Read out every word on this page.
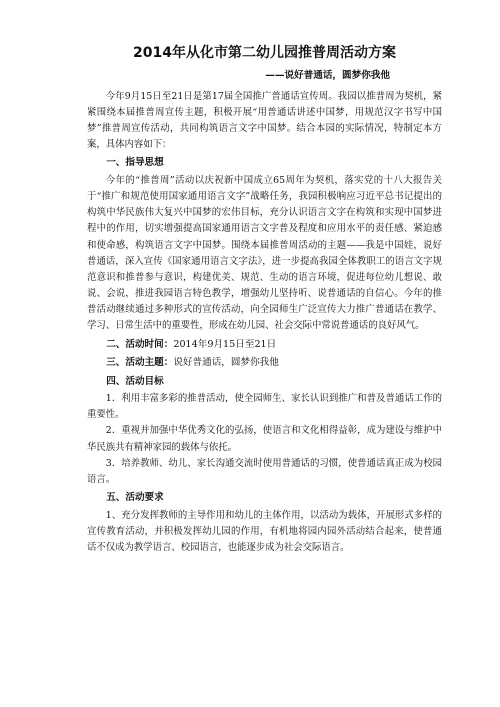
2014年从化市第二幼儿园推普周活动方案
——说好普通话，圆梦你我他

今年9月15日至21日是第17届全国推广普通话宣传周。我园以推普周为契机，紧紧围绕本届推普周宣传主题，积极开展“用普通话讲述中国梦，用规范汉字书写中国梦”推普周宣传活动，共同构筑语言文字中国梦。结合本园的实际情况，特制定本方案，具体内容如下：

一、指导思想

今年的“推普周”活动以庆祝新中国成立65周年为契机，落实党的十八大报告关于“推广和规范使用国家通用语言文字”战略任务，我园积极响应习近平总书记提出的构筑中华民族伟大复兴中国梦的宏伟目标，充分认识语言文字在构筑和实现中国梦进程中的作用，切实增强提高国家通用语言文字普及程度和应用水平的责任感、紧迫感和使命感，构筑语言文字中国梦。围绕本届推普周活动的主题——我是中国娃，说好普通话，深入宣传《国家通用语言文字法》，进一步提高我园全体教职工的语言文字规范意识和推普参与意识，构建优美、规范、生动的语言环境，促进每位幼儿想说、敢说、会说，推进我园语言特色教学，增强幼儿坚持听、说普通话的自信心。今年的推普活动继续通过多种形式的宣传活动，向全园师生广泛宣传大力推广普通话在教学、学习、日常生活中的重要性，形成在幼儿园、社会交际中常说普通话的良好风气。

二、活动时间：2014年9月15日至21日
三、活动主题：说好普通话，圆梦你我他
四、活动目标

1．利用丰富多彩的推普活动，使全园师生、家长认识到推广和普及普通话工作的重要性。

2．重视并加强中华优秀文化的弘扬，使语言和文化相得益彰，成为建设与维护中华民族共有精神家园的载体与依托。

3．培养教师、幼儿、家长沟通交流时使用普通话的习惯，使普通话真正成为校园语言。

五、活动要求

1、充分发挥教师的主导作用和幼儿的主体作用，以活动为载体，开展形式多样的宣传教育活动，并积极发挥幼儿园的作用，有机地将园内园外活动结合起来，使普通话不仅成为教学语言、校园语言，也能逐步成为社会交际语言。
